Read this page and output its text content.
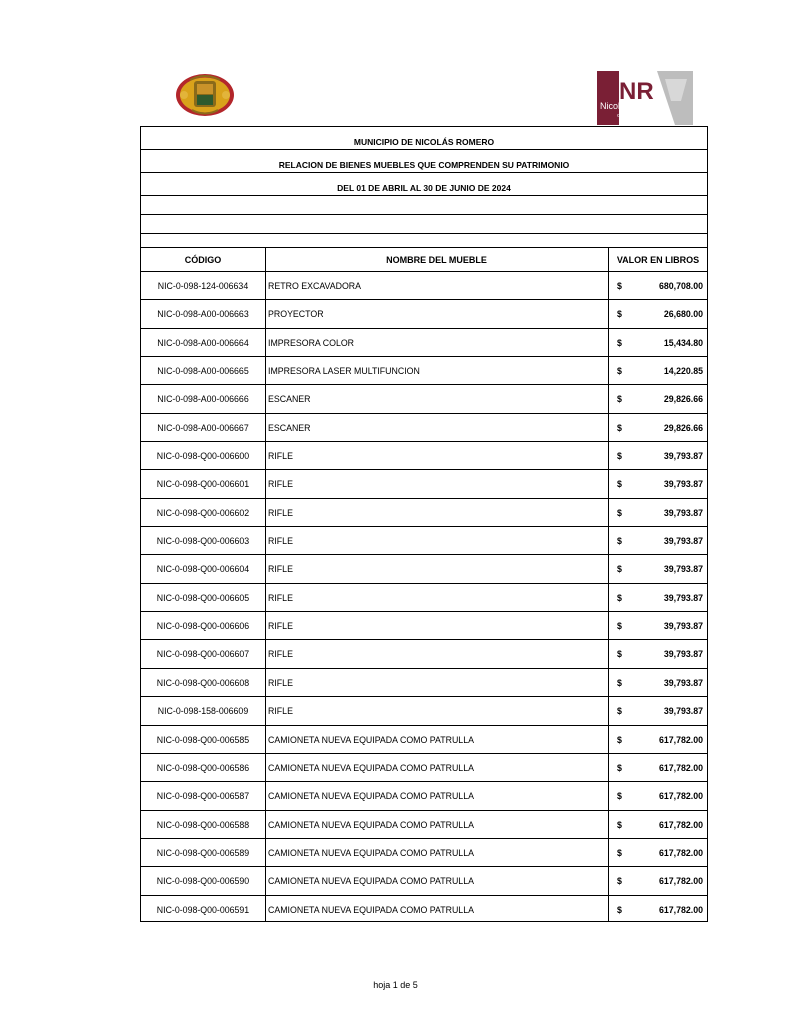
NR
Nicolás Romero
Gobierno Municipal
2022-2024
MUNICIPIO DE NICOLÁS ROMERO
RELACION DE BIENES MUEBLES QUE COMPRENDEN SU PATRIMONIO
DEL 01 DE ABRIL AL 30 DE JUNIO DE 2024
CÓDIGO	NOMBRE DEL MUEBLE	VALOR EN LIBROS
NIC-0-098-124-006634	RETRO EXCAVADORA	$	680,708.00
NIC-0-098-A00-006663	PROYECTOR	$	26,680.00
NIC-0-098-A00-006664	IMPRESORA COLOR	$	15,434.80
NIC-0-098-A00-006665	IMPRESORA LASER MULTIFUNCION	$	14,220.85
NIC-0-098-A00-006666	ESCANER	$	29,826.66
NIC-0-098-A00-006667	ESCANER	$	29,826.66
NIC-0-098-Q00-006600	RIFLE	$	39,793.87
NIC-0-098-Q00-006601	RIFLE	$	39,793.87
NIC-0-098-Q00-006602	RIFLE	$	39,793.87
NIC-0-098-Q00-006603	RIFLE	$	39,793.87
NIC-0-098-Q00-006604	RIFLE	$	39,793.87
NIC-0-098-Q00-006605	RIFLE	$	39,793.87
NIC-0-098-Q00-006606	RIFLE	$	39,793.87
NIC-0-098-Q00-006607	RIFLE	$	39,793.87
NIC-0-098-Q00-006608	RIFLE	$	39,793.87
NIC-0-098-158-006609	RIFLE	$	39,793.87
NIC-0-098-Q00-006585	CAMIONETA NUEVA EQUIPADA COMO PATRULLA	$	617,782.00
NIC-0-098-Q00-006586	CAMIONETA NUEVA EQUIPADA COMO PATRULLA	$	617,782.00
NIC-0-098-Q00-006587	CAMIONETA NUEVA EQUIPADA COMO PATRULLA	$	617,782.00
NIC-0-098-Q00-006588	CAMIONETA NUEVA EQUIPADA COMO PATRULLA	$	617,782.00
NIC-0-098-Q00-006589	CAMIONETA NUEVA EQUIPADA COMO PATRULLA	$	617,782.00
NIC-0-098-Q00-006590	CAMIONETA NUEVA EQUIPADA COMO PATRULLA	$	617,782.00
NIC-0-098-Q00-006591	CAMIONETA NUEVA EQUIPADA COMO PATRULLA	$	617,782.00
hoja 1 de 5
